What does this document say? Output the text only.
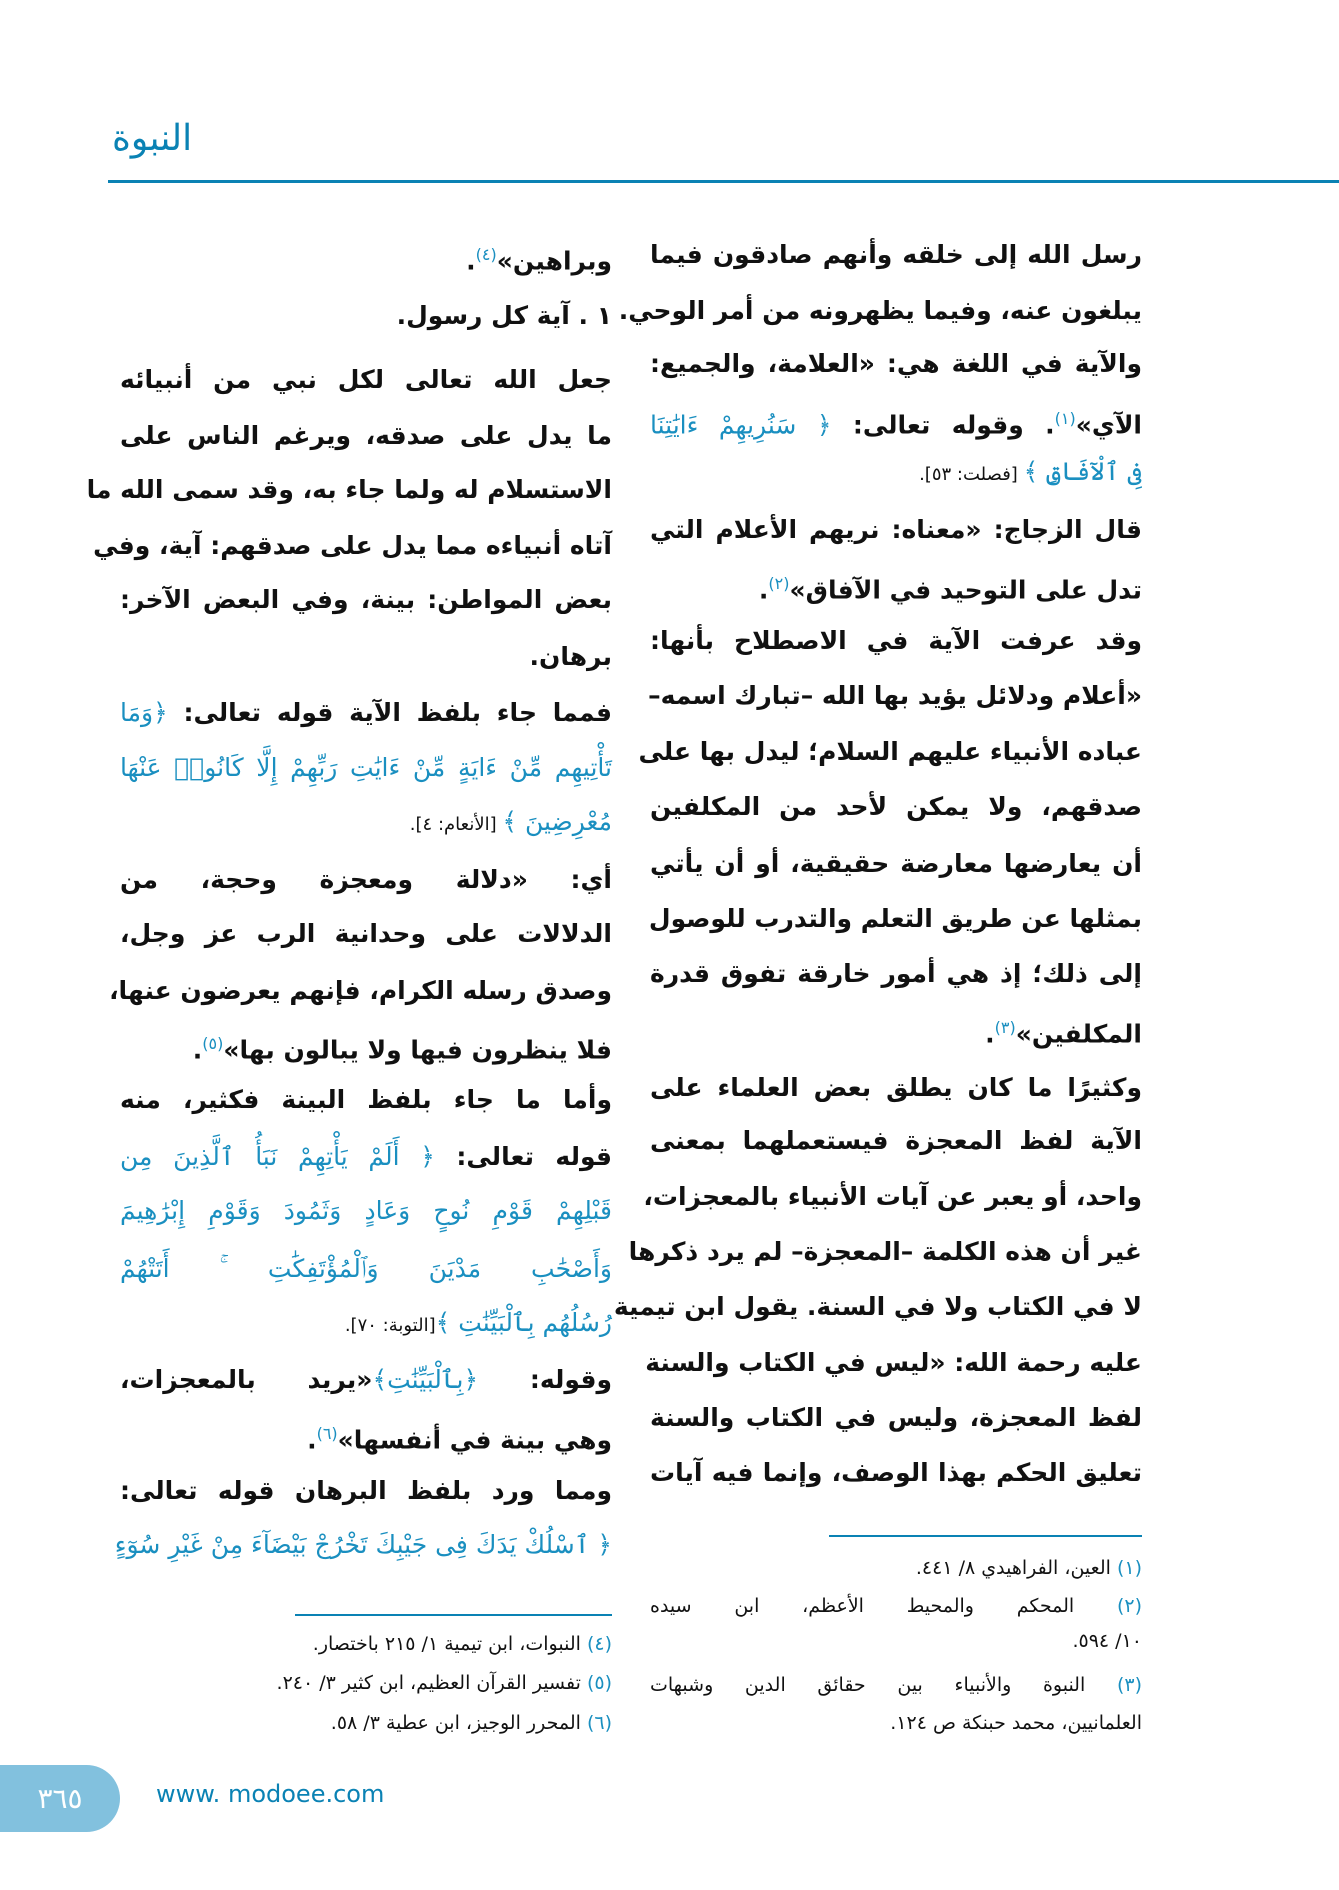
النبوة
رسل الله إلى خلقه وأنهم صادقون فيما
يبلغون عنه، وفيما يظهرونه من أمر الوحي.
والآية في اللغة هي: «العلامة، والجميع:
الآي»$^{(١)}$. وقوله تعالى: ﴿ سَنُرِيهِمْ ءَايَٰتِنَا
فِى ٱلْآفَاقِ ﴾ [فصلت: ٥٣].
قال الزجاج: «معناه: نريهم الأعلام التي
تدل على التوحيد في الآفاق»$^{(٢)}$.
وقد عرفت الآية في الاصطلاح بأنها:
«أعلام ودلائل يؤيد بها الله –تبارك اسمه–
عباده الأنبياء عليهم السلام؛ ليدل بها على
صدقهم، ولا يمكن لأحد من المكلفين
أن يعارضها معارضة حقيقية، أو أن يأتي
بمثلها عن طريق التعلم والتدرب للوصول
إلى ذلك؛ إذ هي أمور خارقة تفوق قدرة
المكلفين»$^{(٣)}$.
وكثيرًا ما كان يطلق بعض العلماء على
الآية لفظ المعجزة فيستعملهما بمعنى
واحد، أو يعبر عن آيات الأنبياء بالمعجزات،
غير أن هذه الكلمة –المعجزة– لم يرد ذكرها
لا في الكتاب ولا في السنة. يقول ابن تيمية
عليه رحمة الله: «ليس في الكتاب والسنة
لفظ المعجزة، وليس في الكتاب والسنة
تعليق الحكم بهذا الوصف، وإنما فيه آيات
(١) العين، الفراهيدي ٨/ ٤٤١.
(٢) المحكم والمحيط الأعظم، ابن سيده
١٠/ ٥٩٤.
(٣) النبوة والأنبياء بين حقائق الدين وشبهات
العلمانيين، محمد حبنكة ص ١٢٤.
وبراهين»$^{(٤)}$.
١ . آية كل رسول.
جعل الله تعالى لكل نبي من أنبيائه
ما يدل على صدقه، ويرغم الناس على
الاستسلام له ولما جاء به، وقد سمى الله ما
آتاه أنبياءه مما يدل على صدقهم: آية، وفي
بعض المواطن: بينة، وفي البعض الآخر:
برهان.
فمما جاء بلفظ الآية قوله تعالى: ﴿وَمَا
تَأْتِيهِم مِّنْ ءَايَةٍ مِّنْ ءَايَٰتِ رَبِّهِمْ إِلَّا كَانُوا۟ عَنْهَا
مُعْرِضِينَ ﴾ [الأنعام: ٤].
أي: «دلالة ومعجزة وحجة، من
الدلالات على وحدانية الرب عز وجل،
وصدق رسله الكرام، فإنهم يعرضون عنها،
فلا ينظرون فيها ولا يبالون بها»$^{(٥)}$.
وأما ما جاء بلفظ البينة فكثير، منه
قوله تعالى: ﴿ أَلَمْ يَأْتِهِمْ نَبَأُ ٱلَّذِينَ مِن
قَبْلِهِمْ قَوْمِ نُوحٍ وَعَادٍ وَثَمُودَ وَقَوْمِ إِبْرَٰهِيمَ
وَأَصْحَٰبِ مَدْيَنَ وَٱلْمُؤْتَفِكَٰتِ ۚ أَتَتْهُمْ
رُسُلُهُم بِٱلْبَيِّنَٰتِ ﴾[التوبة: ٧٠].
وقوله: ﴿بِٱلْبَيِّنَٰتِ﴾«يريد بالمعجزات،
وهي بينة في أنفسها»$^{(٦)}$.
ومما ورد بلفظ البرهان قوله تعالى:
﴿ ٱسْلُكْ يَدَكَ فِى جَيْبِكَ تَخْرُجْ بَيْضَآءَ مِنْ غَيْرِ سُوٓءٍ
(٤) النبوات، ابن تيمية ١/ ٢١٥ باختصار.
(٥) تفسير القرآن العظيم، ابن كثير ٣/ ٢٤٠.
(٦) المحرر الوجيز، ابن عطية ٣/ ٥٨.
٣٦٥	www. modoee.com
